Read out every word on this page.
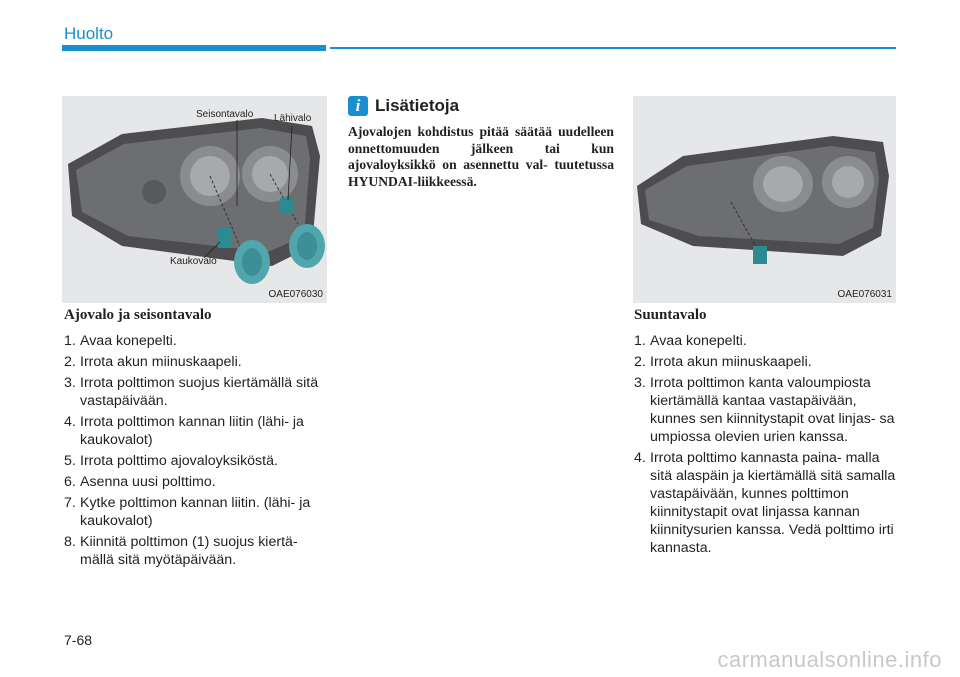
Huolto
Seisontavalo Lähivalo
Kaukovalo
OAE076030	OAE076031
Ajovalo ja seisontavalo
1. Avaa konepelti.
2. Irrota akun miinuskaapeli.
3. Irrota polttimon suojus kiertämällä sitä vastapäivään.
4. Irrota polttimon kannan liitin (lähi- ja kaukovalot)
5. Irrota polttimo ajovaloyksiköstä.
6. Asenna uusi polttimo.
7. Kytke polttimon kannan liitin. (lähi- ja kaukovalot)
8. Kiinnitä polttimon (1) suojus kiertä- mällä sitä myötäpäivään.
i Lisätietoja
Ajovalojen kohdistus pitää säätää uudelleen onnettomuuden jälkeen tai kun ajovaloyksikkö on asennettu val- tuutetussa HYUNDAI-liikkeessä.
Suuntavalo
1. Avaa konepelti.
2. Irrota akun miinuskaapeli.
3. Irrota polttimon kanta valoumpiosta kiertämällä kantaa vastapäivään, kunnes sen kiinnitystapit ovat linjas- sa umpiossa olevien urien kanssa.
4. Irrota polttimo kannasta paina- malla sitä alaspäin ja kiertämällä sitä samalla vastapäivään, kunnes polttimon kiinnitystapit ovat linjassa kannan kiinnitysurien kanssa. Vedä polttimo irti kannasta.
7-68
carmanualsonline.info
